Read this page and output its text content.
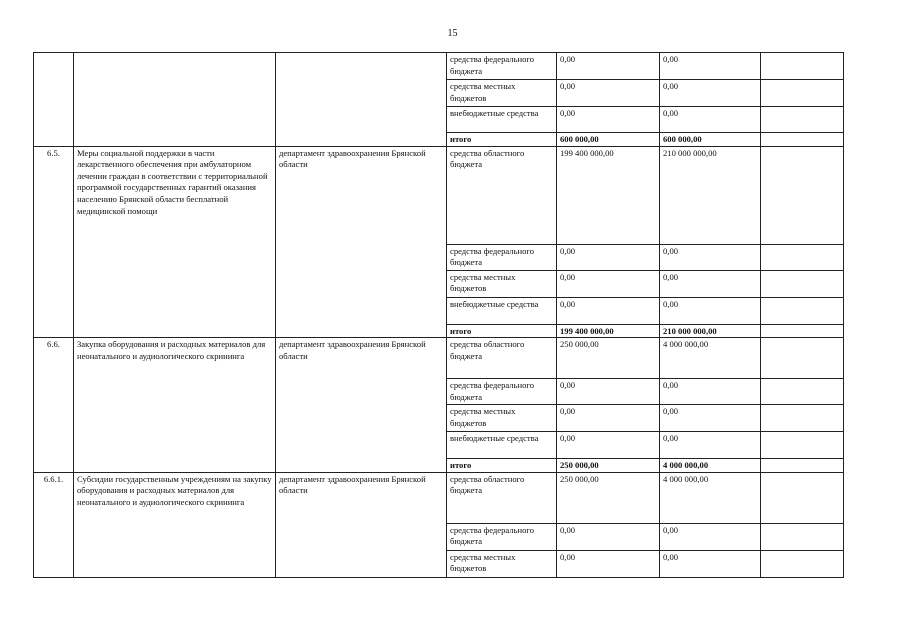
15
			средства федерального бюджета	0,00	0,00	
			средства местных бюджетов	0,00	0,00	
			внебюджетные средства	0,00	0,00	
			итого	600 000,00	600 000,00	
6.5.	Меры социальной поддержки в части лекарственного обеспечения при амбулаторном лечении граждан в соответствии с территориальной программой государственных гарантий оказания населению Брянской области бесплатной медицинской помощи	департамент здравоохранения Брянской области	средства областного бюджета	199 400 000,00	210 000 000,00	
			средства федерального бюджета	0,00	0,00	
			средства местных бюджетов	0,00	0,00	
			внебюджетные средства	0,00	0,00	
			итого	199 400 000,00	210 000 000,00	
6.6.	Закупка оборудования и расходных материалов для неонатального и аудиологического скрининга	департамент здравоохранения Брянской области	средства областного бюджета	250 000,00	4 000 000,00	
			средства федерального бюджета	0,00	0,00	
			средства местных бюджетов	0,00	0,00	
			внебюджетные средства	0,00	0,00	
			итого	250 000,00	4 000 000,00	
6.6.1.	Субсидии государственным учреждениям на закупку оборудования и расходных материалов для неонатального и аудиологического скрининга	департамент здравоохранения Брянской области	средства областного бюджета	250 000,00	4 000 000,00	
			средства федерального бюджета	0,00	0,00	
			средства местных бюджетов	0,00	0,00	
